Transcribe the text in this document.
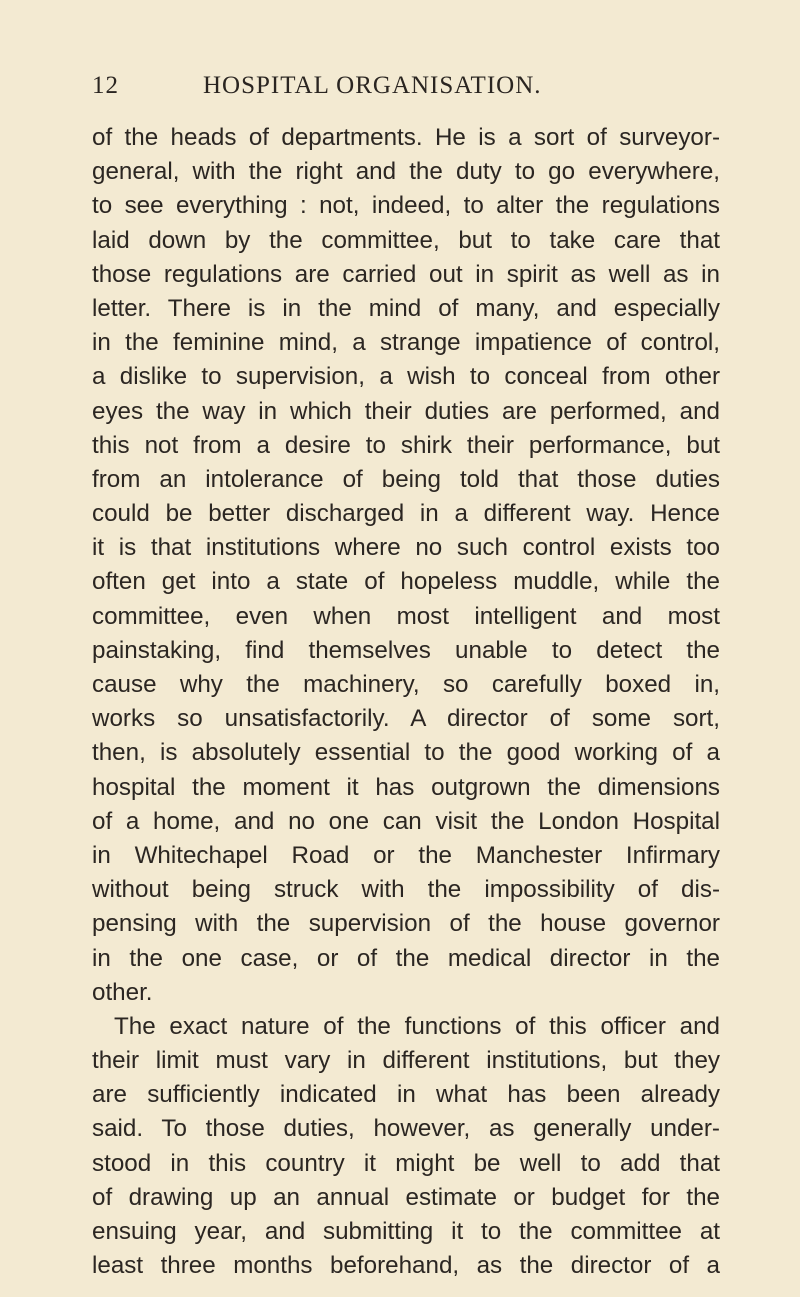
12	HOSPITAL ORGANISATION.
of the heads of departments. He is a sort of surveyor-
general, with the right and the duty to go everywhere,
to see everything : not, indeed, to alter the regulations
laid down by the committee, but to take care that
those regulations are carried out in spirit as well as in
letter. There is in the mind of many, and especially
in the feminine mind, a strange impatience of control,
a dislike to supervision, a wish to conceal from other
eyes the way in which their duties are performed, and
this not from a desire to shirk their performance, but
from an intolerance of being told that those duties
could be better discharged in a different way. Hence
it is that institutions where no such control exists too
often get into a state of hopeless muddle, while the
committee, even when most intelligent and most
painstaking, find themselves unable to detect the
cause why the machinery, so carefully boxed in,
works so unsatisfactorily. A director of some sort,
then, is absolutely essential to the good working of a
hospital the moment it has outgrown the dimensions
of a home, and no one can visit the London Hospital
in Whitechapel Road or the Manchester Infirmary
without being struck with the impossibility of dis-
pensing with the supervision of the house governor
in the one case, or of the medical director in the
other.
The exact nature of the functions of this officer and
their limit must vary in different institutions, but they
are sufficiently indicated in what has been already
said. To those duties, however, as generally under-
stood in this country it might be well to add that
of drawing up an annual estimate or budget for the
ensuing year, and submitting it to the committee at
least three months beforehand, as the director of a
